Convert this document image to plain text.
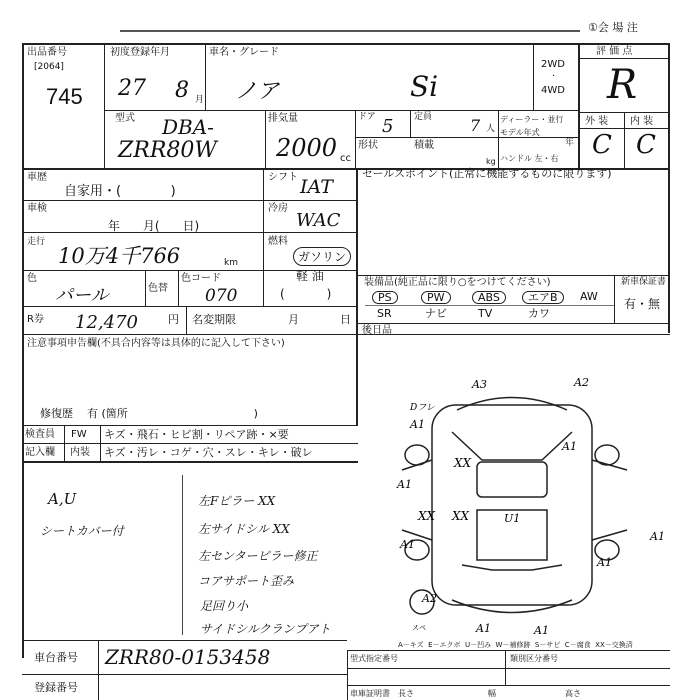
①会 場 注
出品番号
[2064]
745
初度登録年月
27 8 月
車名・グレード
ノア	Si
2WD
·
4WD
評 価 点
R
型式 DBA-
ZRR80W
排気量
2000 cc
ドア 5 定員 7 人
ディーラー・並行
モデル年式
年
形状	積載
kg ハンドル 左・右
外 装 内 装
C C
車歴
自家用・(            )
シフト IAT
車検
年      月(      日)
冷房
WAC
走行
10万4千766	km
燃料
ガソリン
軽 油
(           )
色
パール	色替
色コード
070
R券 12,470	円 名変期限	月	日
セールスポイント(正常に機能するものに限ります)
装備品(純正品に限り○をつけてください)	新車保証書
有・無
PS	PW	ABS	エアB	AW
SR	ナビ	TV	カワ
後日品
注意事項申告欄(不具合内容等は具体的に記入して下さい)
修復歴    有 (箇所                                    )
検査員 FW キズ・飛石・ヒビ割・リペア跡・×要
記入欄 内装 キズ・汚レ・コゲ・穴・スレ・キレ・破レ
A,U
シートカバー付
左Fピラー XX
左サイドシル XX
左センターピラー修正
コアサポート歪み
足回り小
サイドシルクランプアト
A3	A2
Dフレ
A1
A1
A1
XX
U1
XX XX
A1
A1
A2
A1	A1
A1
スペ
A－キズ  E－エクボ  U－凹み  W－補修跡  S－サビ  C－腐食  XX－交換済
車台番号 ZRR80-0153458
登録番号
型式指定番号	類別区分番号
車庫証明書 長さ	幅	高さ
